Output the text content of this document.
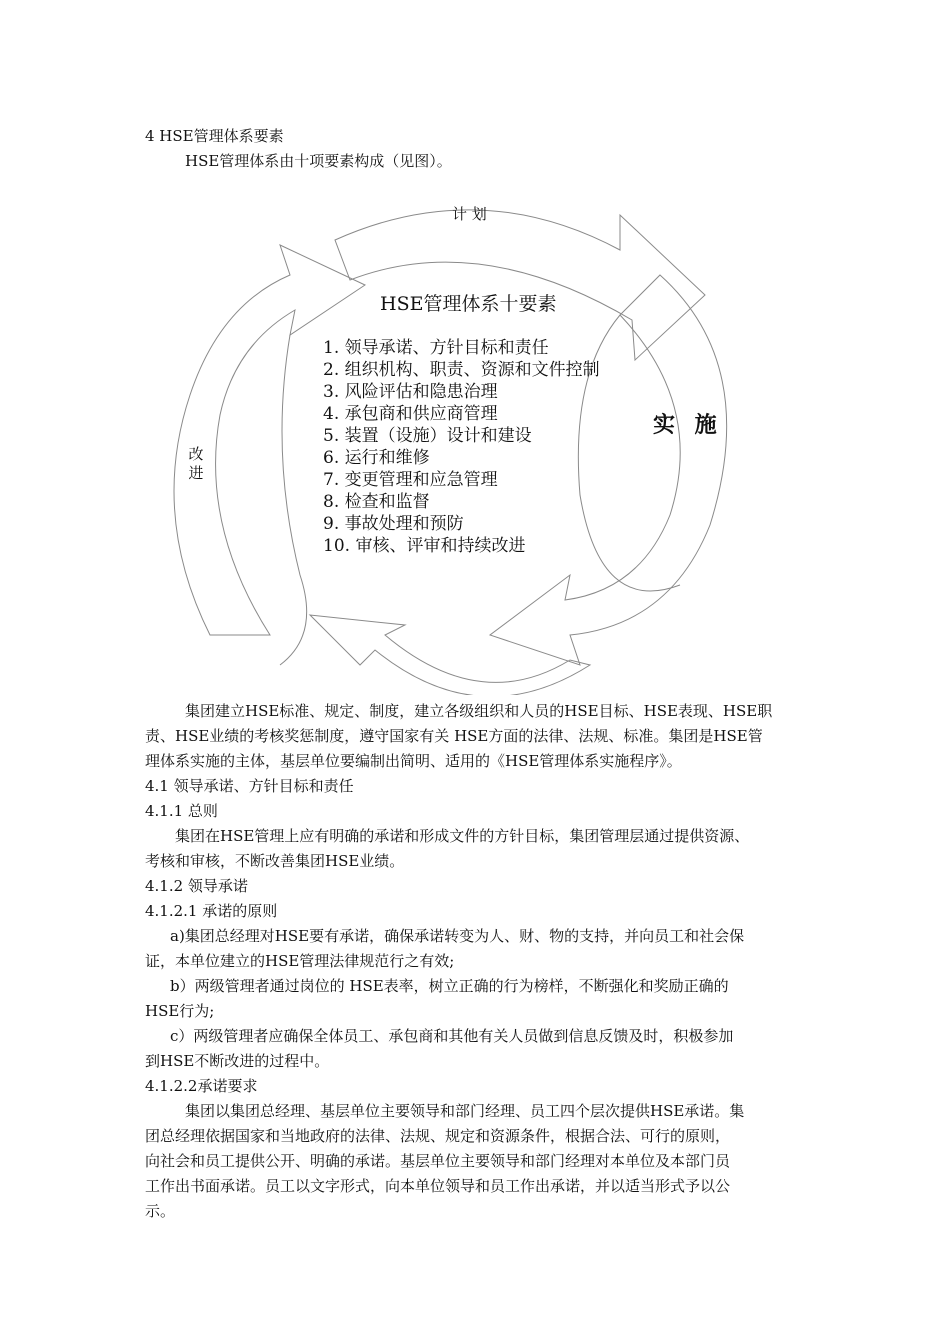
4 HSE管理体系要素
HSE管理体系由十项要素构成（见图）。
计 划
HSE管理体系十要素
1. 领导承诺、方针目标和责任
2. 组织机构、职责、资源和文件控制
3. 风险评估和隐患治理
4. 承包商和供应商管理
5. 装置（设施）设计和建设
6. 运行和维修
7. 变更管理和应急管理
8. 检查和监督
9. 事故处理和预防
10. 审核、评审和持续改进
实 施
改
进
集团建立HSE标准、规定、制度，建立各级组织和人员的HSE目标、HSE表现、HSE职
责、HSE业绩的考核奖惩制度，遵守国家有关 HSE方面的法律、法规、标准。集团是HSE管
理体系实施的主体，基层单位要编制出简明、适用的《HSE管理体系实施程序》。
4.1 领导承诺、方针目标和责任
4.1.1 总则
集团在HSE管理上应有明确的承诺和形成文件的方针目标，集团管理层通过提供资源、
考核和审核，不断改善集团HSE业绩。
4.1.2 领导承诺
4.1.2.1 承诺的原则
a)集团总经理对HSE要有承诺，确保承诺转变为人、财、物的支持，并向员工和社会保
证，本单位建立的HSE管理法律规范行之有效;
b）两级管理者通过岗位的 HSE表率，树立正确的行为榜样，不断强化和奖励正确的
HSE行为;
c）两级管理者应确保全体员工、承包商和其他有关人员做到信息反馈及时，积极参加
到HSE不断改进的过程中。
4.1.2.2承诺要求
集团以集团总经理、基层单位主要领导和部门经理、员工四个层次提供HSE承诺。集
团总经理依据国家和当地政府的法律、法规、规定和资源条件，根据合法、可行的原则，
向社会和员工提供公开、明确的承诺。基层单位主要领导和部门经理对本单位及本部门员
工作出书面承诺。员工以文字形式，向本单位领导和员工作出承诺，并以适当形式予以公
示。
